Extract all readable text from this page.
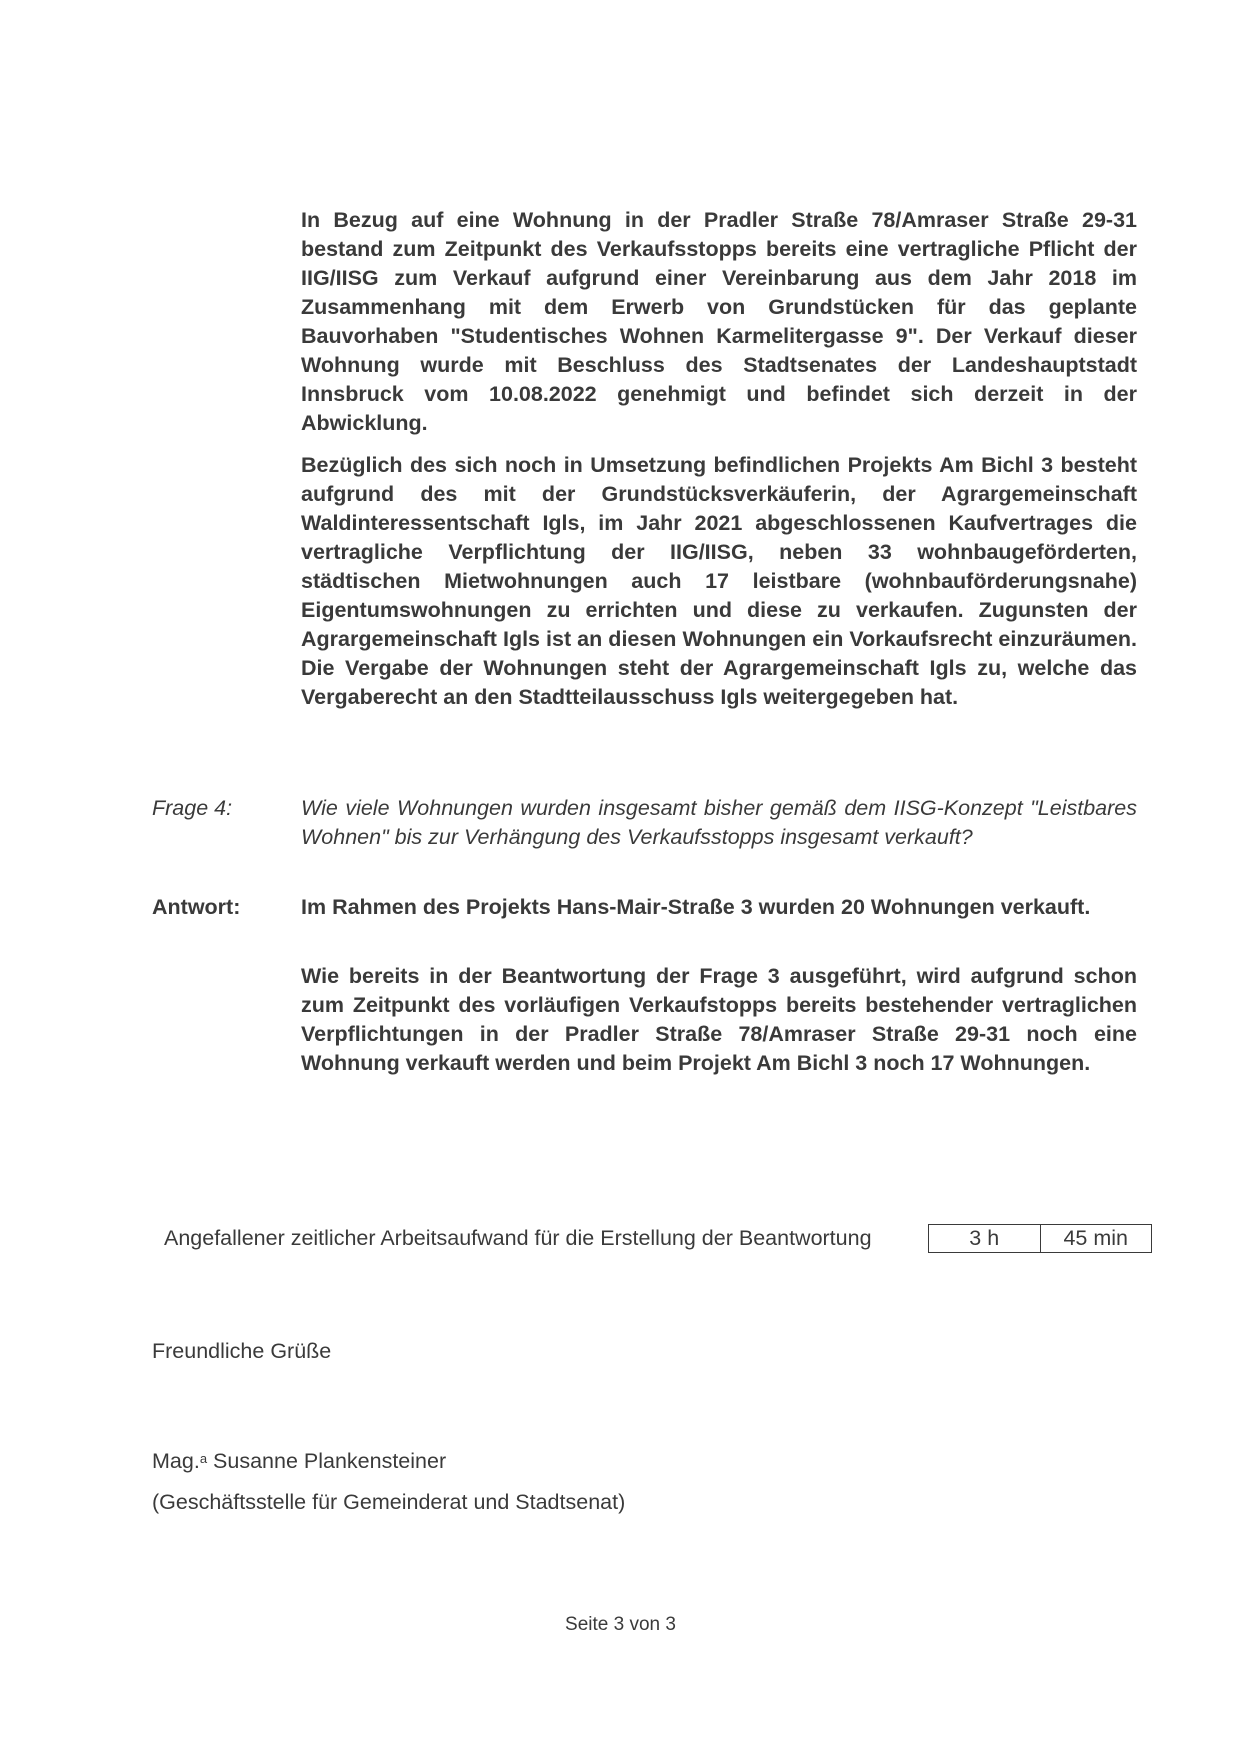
In Bezug auf eine Wohnung in der Pradler Straße 78/Amraser Straße 29-31 bestand zum Zeitpunkt des Verkaufsstopps bereits eine vertragliche Pflicht der IIG/IISG zum Verkauf aufgrund einer Vereinbarung aus dem Jahr 2018 im Zusammenhang mit dem Erwerb von Grundstücken für das geplante Bauvorhaben "Studentisches Wohnen Karmelitergasse 9". Der Verkauf dieser Wohnung wurde mit Beschluss des Stadtsenates der Landeshauptstadt Innsbruck vom 10.08.2022 genehmigt und befindet sich derzeit in der Abwicklung.

Bezüglich des sich noch in Umsetzung befindlichen Projekts Am Bichl 3 besteht aufgrund des mit der Grundstücksverkäuferin, der Agrargemeinschaft Waldinteressentschaft Igls, im Jahr 2021 abgeschlossenen Kaufvertrages die vertragliche Verpflichtung der IIG/IISG, neben 33 wohnbaugeförderten, städtischen Mietwohnungen auch 17 leistbare (wohnbauförderungsnahe) Eigentumswohnungen zu errichten und diese zu verkaufen. Zugunsten der Agrargemeinschaft Igls ist an diesen Wohnungen ein Vorkaufsrecht einzuräumen. Die Vergabe der Wohnungen steht der Agrargemeinschaft Igls zu, welche das Vergaberecht an den Stadtteilausschuss Igls weitergegeben hat.

Frage 4:	Wie viele Wohnungen wurden insgesamt bisher gemäß dem IISG-Konzept "Leistbares Wohnen" bis zur Verhängung des Verkaufsstopps insgesamt verkauft?

Antwort:	Im Rahmen des Projekts Hans-Mair-Straße 3 wurden 20 Wohnungen verkauft.

Wie bereits in der Beantwortung der Frage 3 ausgeführt, wird aufgrund schon zum Zeitpunkt des vorläufigen Verkaufstopps bereits bestehender vertraglichen Verpflichtungen in der Pradler Straße 78/Amraser Straße 29-31 noch eine Wohnung verkauft werden und beim Projekt Am Bichl 3 noch 17 Wohnungen.

Angefallener zeitlicher Arbeitsaufwand für die Erstellung der Beantwortung	3 h	45 min
Freundliche Grüße
Mag.$^a$ Susanne Plankensteiner
(Geschäftsstelle für Gemeinderat und Stadtsenat)
Seite 3 von 3
